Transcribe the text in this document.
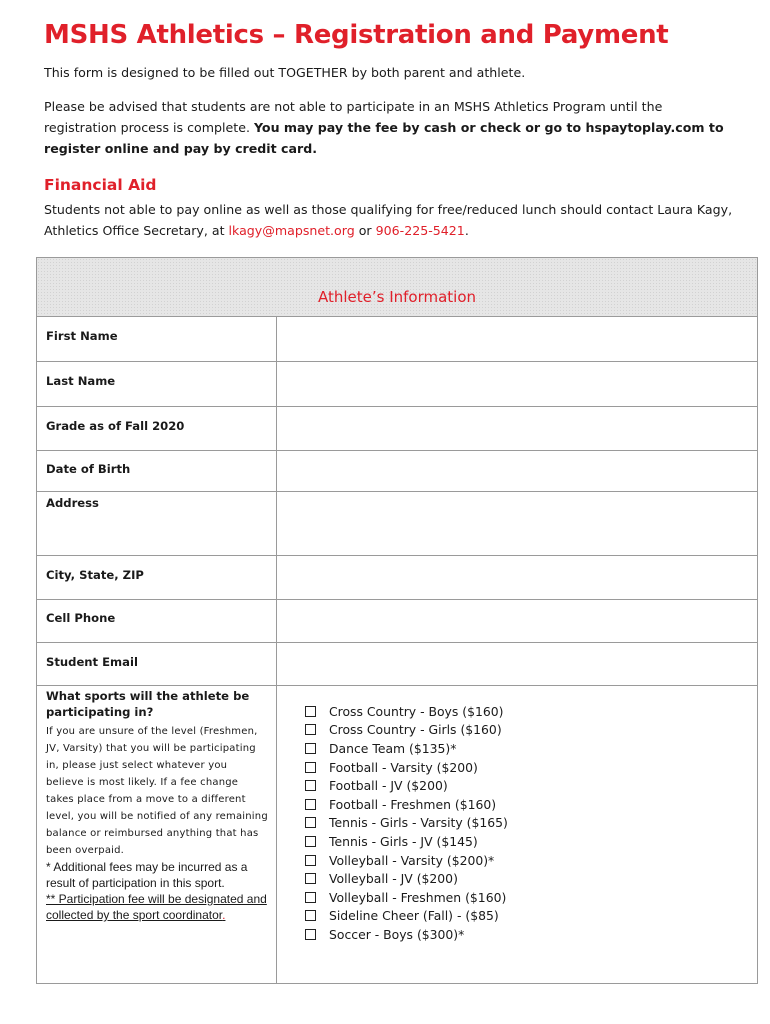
MSHS Athletics – Registration and Payment

This form is designed to be filled out TOGETHER by both parent and athlete.

Please be advised that students are not able to participate in an MSHS Athletics Program until the registration process is complete. You may pay the fee by cash or check or go to hspaytoplay.com to register online and pay by credit card.

Financial Aid

Students not able to pay online as well as those qualifying for free/reduced lunch should contact Laura Kagy, Athletics Office Secretary, at lkagy@mapsnet.org or 906-225-5421.

Athlete’s Information
First Name
Last Name
Grade as of Fall 2020
Date of Birth
Address
City, State, ZIP
Cell Phone
Student Email

What sports will the athlete be participating in?

If you are unsure of the level (Freshmen, JV, Varsity) that you will be participating in, please just select whatever you believe is most likely. If a fee change takes place from a move to a different level, you will be notified of any remaining balance or reimbursed anything that has been overpaid.

* Additional fees may be incurred as a result of participation in this sport.

** Participation fee will be designated and collected by the sport coordinator.

Cross Country - Boys ($160)
Cross Country - Girls ($160)
Dance Team ($135)*
Football - Varsity ($200)
Football - JV ($200)
Football - Freshmen ($160)
Tennis - Girls - Varsity ($165)
Tennis - Girls - JV ($145)
Volleyball - Varsity ($200)*
Volleyball - JV ($200)
Volleyball - Freshmen ($160)
Sideline Cheer (Fall) - ($85)
Soccer - Boys ($300)*
